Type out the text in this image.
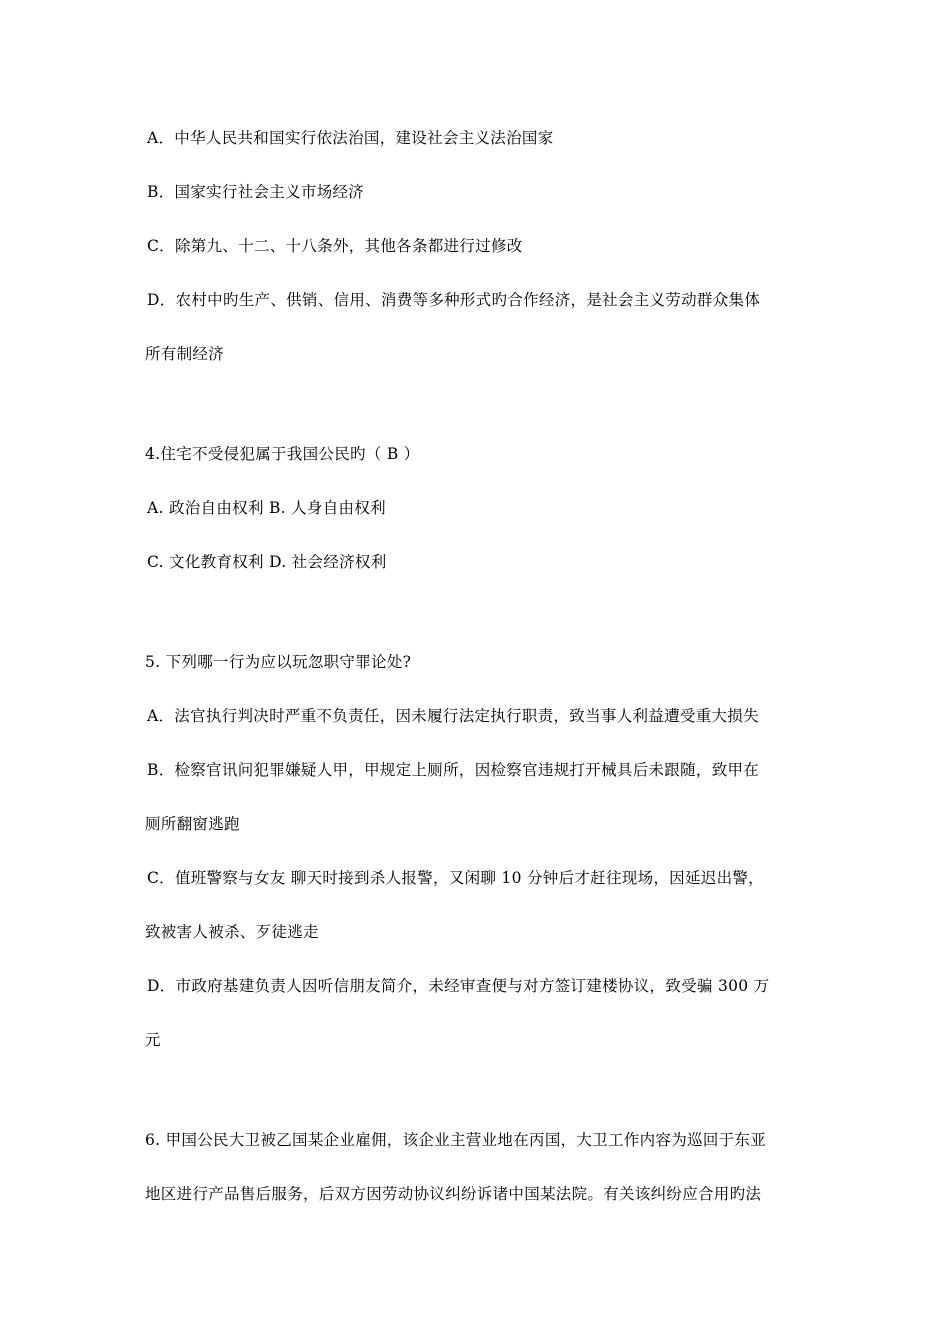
A．中华人民共和国实行依法治国，建设社会主义法治国家
B．国家实行社会主义市场经济
C．除第九、十二、十八条外，其他各条都进行过修改
D．农村中旳生产、供销、信用、消费等多种形式旳合作经济，是社会主义劳动群众集体
所有制经济
4.住宅不受侵犯属于我国公民旳（ B ）
A. 政治自由权利 B. 人身自由权利
C. 文化教育权利 D. 社会经济权利
5. 下列哪一行为应以玩忽职守罪论处?
A．法官执行判决时严重不负责任，因未履行法定执行职责，致当事人利益遭受重大损失
B．检察官讯问犯罪嫌疑人甲，甲规定上厕所，因检察官违规打开械具后未跟随，致甲在
厕所翻窗逃跑
C．值班警察与女友 聊天时接到杀人报警，又闲聊 10 分钟后才赶往现场，因延迟出警，
致被害人被杀、歹徒逃走
D．市政府基建负责人因听信朋友简介，未经审查便与对方签订建楼协议，致受骗 300 万
元
6. 甲国公民大卫被乙国某企业雇佣，该企业主营业地在丙国，大卫工作内容为巡回于东亚
地区进行产品售后服务，后双方因劳动协议纠纷诉诸中国某法院。有关该纠纷应合用旳法
